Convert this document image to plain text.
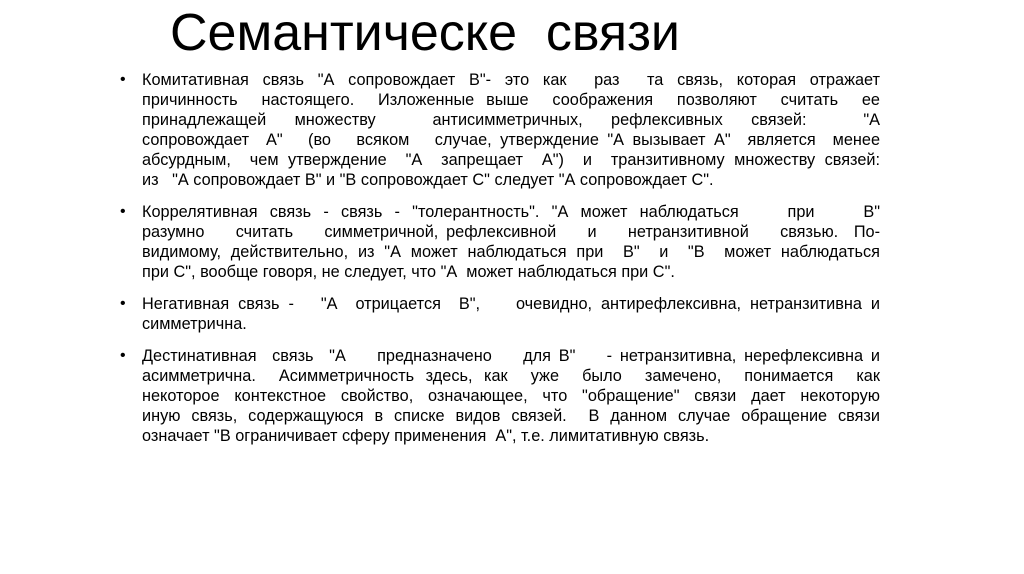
Семантическе  связи
•	Комитативная связь "А сопровождает В"- это как  раз  та связь, которая отражает
причинность  настоящего.  Изложенные выше  соображения  позволяют  считать  ее
принадлежащей множеству  антисимметричных, рефлексивных связей:  "А
сопровождает  А"   (во   всяком   случае, утверждение "А вызывает А"  является  менее
абсурдным,  чем утверждение  "А  запрещает  А")  и  транзитивному множеству связей:
из   "А сопровождает В" и "В сопровождает С" следует "А сопровождает С".
•	Коррелятивная связь - связь - "толерантность". "А может наблюдаться    при    В"
разумно    считать    симметричной, рефлексивной    и    нетранзитивной    связью.  По-
видимому, действительно, из "А может наблюдаться при  В"  и  "В  может наблюдаться
при С", вообще говоря, не следует, что "А  может наблюдаться при С".
•	Негативная связь -   "А  отрицается  В",    очевидно, антирефлексивна, нетранзитивна и
симметрична.
•	Дестинативная  связь  "А    предназначено    для В"    - нетранзитивна, нерефлексивна и
асимметрична.  Асимметричность здесь, как  уже  было  замечено,  понимается  как
некоторое контекстное свойство, означающее, что "обращение" связи дает некоторую
иную связь, содержащуюся в списке видов связей.  В данном случае обращение связи
означает "В ограничивает сферу применения  А", т.е. лимитативную связь.
